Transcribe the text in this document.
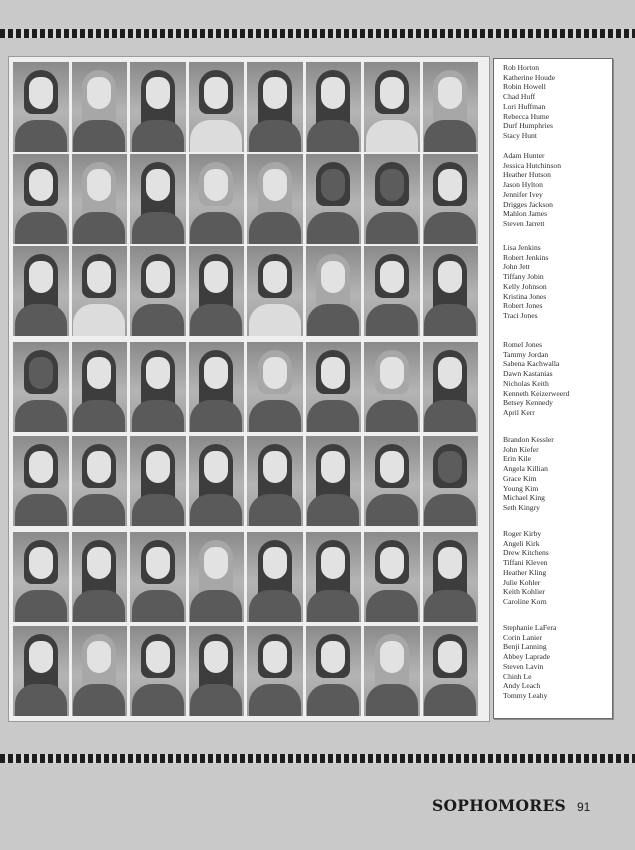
Rob Horton
Katherine Houde
Robin Howell
Chad Huff
Lori Huffman
Rebecca Hume
Durf Humphries
Stacy Hunt
Adam Hunter
Jessica Hutchinson
Heather Hutson
Jason Hylton
Jennifer Ivey
Drigges Jackson
Mahlon James
Steven Jarrett
Lisa Jenkins
Robert Jenkins
John Jett
Tiffany Jobin
Kelly Johnson
Kristina Jones
Robert Jones
Traci Jones
Romel Jones
Tammy Jordan
Sabena Kachwalla
Dawn Kastanias
Nicholas Keith
Kenneth Keizerweerd
Betsey Kennedy
April Kerr
Brandon Kessler
John Kiefer
Erin Kile
Angela Killian
Grace Kim
Young Kim
Michael King
Seth Kingry
Roger Kirby
Angeli Kirk
Drew Kitchens
Tiffani Kleven
Heather Kling
Julie Kohler
Keith Kohlier
Caroline Korn
Stephanie LaFera
Corin Lanier
Benji Lanning
Abbey Laprade
Steven Lavin
Chinh Le
Andy Leach
Tommy Leahy
SOPHOMORES 91
